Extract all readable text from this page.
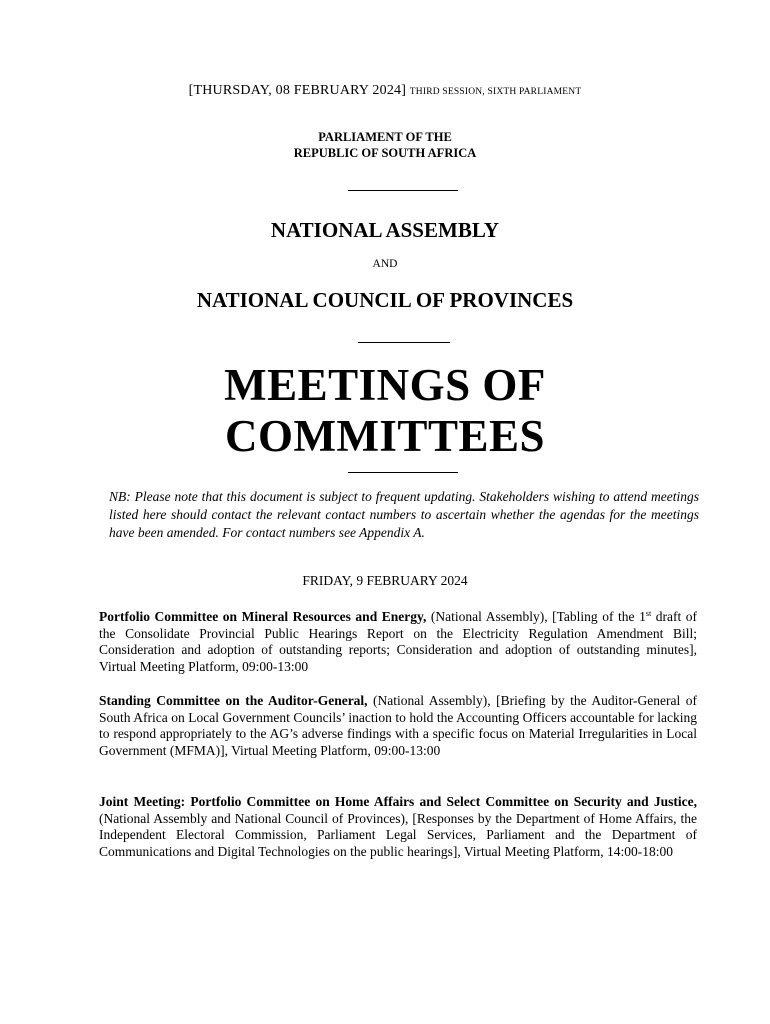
[THURSDAY, 08 FEBRUARY 2024] THIRD SESSION, SIXTH PARLIAMENT
PARLIAMENT OF THE
REPUBLIC OF SOUTH AFRICA
NATIONAL ASSEMBLY
AND
NATIONAL COUNCIL OF PROVINCES
MEETINGS OF
COMMITTEES
NB: Please note that this document is subject to frequent updating. Stakeholders wishing to attend meetings listed here should contact the relevant contact numbers to ascertain whether the agendas for the meetings have been amended. For contact numbers see Appendix A.
FRIDAY, 9 FEBRUARY 2024
Portfolio Committee on Mineral Resources and Energy, (National Assembly), [Tabling of the 1st draft of the Consolidate Provincial Public Hearings Report on the Electricity Regulation Amendment Bill; Consideration and adoption of outstanding reports; Consideration and adoption of outstanding minutes], Virtual Meeting Platform, 09:00-13:00
Standing Committee on the Auditor-General, (National Assembly), [Briefing by the Auditor-General of South Africa on Local Government Councils’ inaction to hold the Accounting Officers accountable for lacking to respond appropriately to the AG’s adverse findings with a specific focus on Material Irregularities in Local Government (MFMA)], Virtual Meeting Platform, 09:00-13:00
Joint Meeting: Portfolio Committee on Home Affairs and Select Committee on Security and Justice, (National Assembly and National Council of Provinces), [Responses by the Department of Home Affairs, the Independent Electoral Commission, Parliament Legal Services, Parliament and the Department of Communications and Digital Technologies on the public hearings], Virtual Meeting Platform, 14:00-18:00
